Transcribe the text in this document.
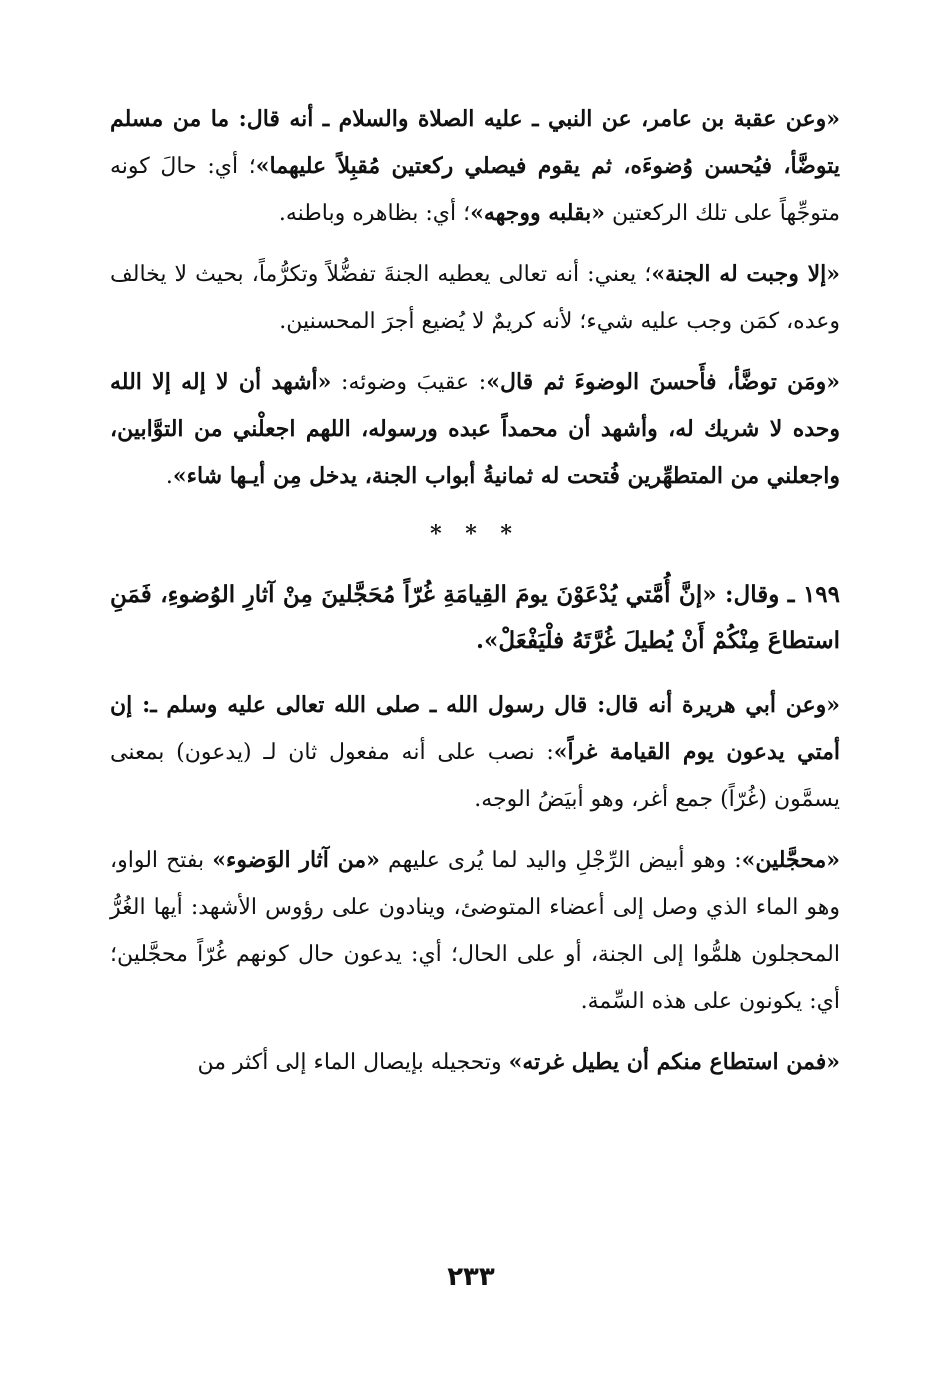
«وعن عقبة بن عامر، عن النبي ـ عليه الصلاة والسلام ـ أنه قال: ما من مسلم يتوضَّأ، فيُحسن وُضوءَه، ثم يقوم فيصلي ركعتين مُقبِلاً عليهما»؛ أي: حالَ كونه متوجِّهاً على تلك الركعتين «بقلبه ووجهه»؛ أي: بظاهره وباطنه.

«إلا وجبت له الجنة»؛ يعني: أنه تعالى يعطيه الجنةَ تفضُّلاً وتكرُّماً، بحيث لا يخالف وعده، كمَن وجب عليه شيء؛ لأنه كريمٌ لا يُضيع أجرَ المحسنين.

«ومَن توضَّأ، فأَحسنَ الوضوءَ ثم قال»: عقيبَ وضوئه: «أشهد أن لا إله إلا الله وحده لا شريك له، وأشهد أن محمداً عبده ورسوله، اللهم اجعلْني من التوَّابين، واجعلني من المتطهِّرين فُتحت له ثمانيةُ أبواب الجنة، يدخل مِن أيـها شاء».

* * *

١٩٩ ـ وقال: «إنَّ أُمَّتي يُدْعَوْنَ يومَ القِيامَةِ غُرّاً مُحَجَّلينَ مِنْ آثارِ الوُضوءِ، فَمَنِ استطاعَ مِنْكُمْ أَنْ يُطيلَ غُرَّتَهُ فلْيَفْعَلْ».

«وعن أبي هريرة أنه قال: قال رسول الله ـ صلى الله تعالى عليه وسلم ـ: إن أمتي يدعون يوم القيامة غراً»: نصب على أنه مفعول ثان لـ (يدعون) بمعنى يسمَّون (غُرّاً) جمع أغر، وهو أبيَضُ الوجه.

«محجَّلين»: وهو أبيض الرِّجْلِ واليد لما يُرى عليهم «من آثار الوَضوء» بفتح الواو، وهو الماء الذي وصل إلى أعضاء المتوضئ، وينادون على رؤوس الأشهد: أيها الغُرُّ المحجلون هلمُّوا إلى الجنة، أو على الحال؛ أي: يدعون حال كونهم غُرّاً محجَّلين؛ أي: يكونون على هذه السِّمة.

«فمن استطاع منكم أن يطيل غرته» وتحجيله بإيصال الماء إلى أكثر من

٢٣٣
